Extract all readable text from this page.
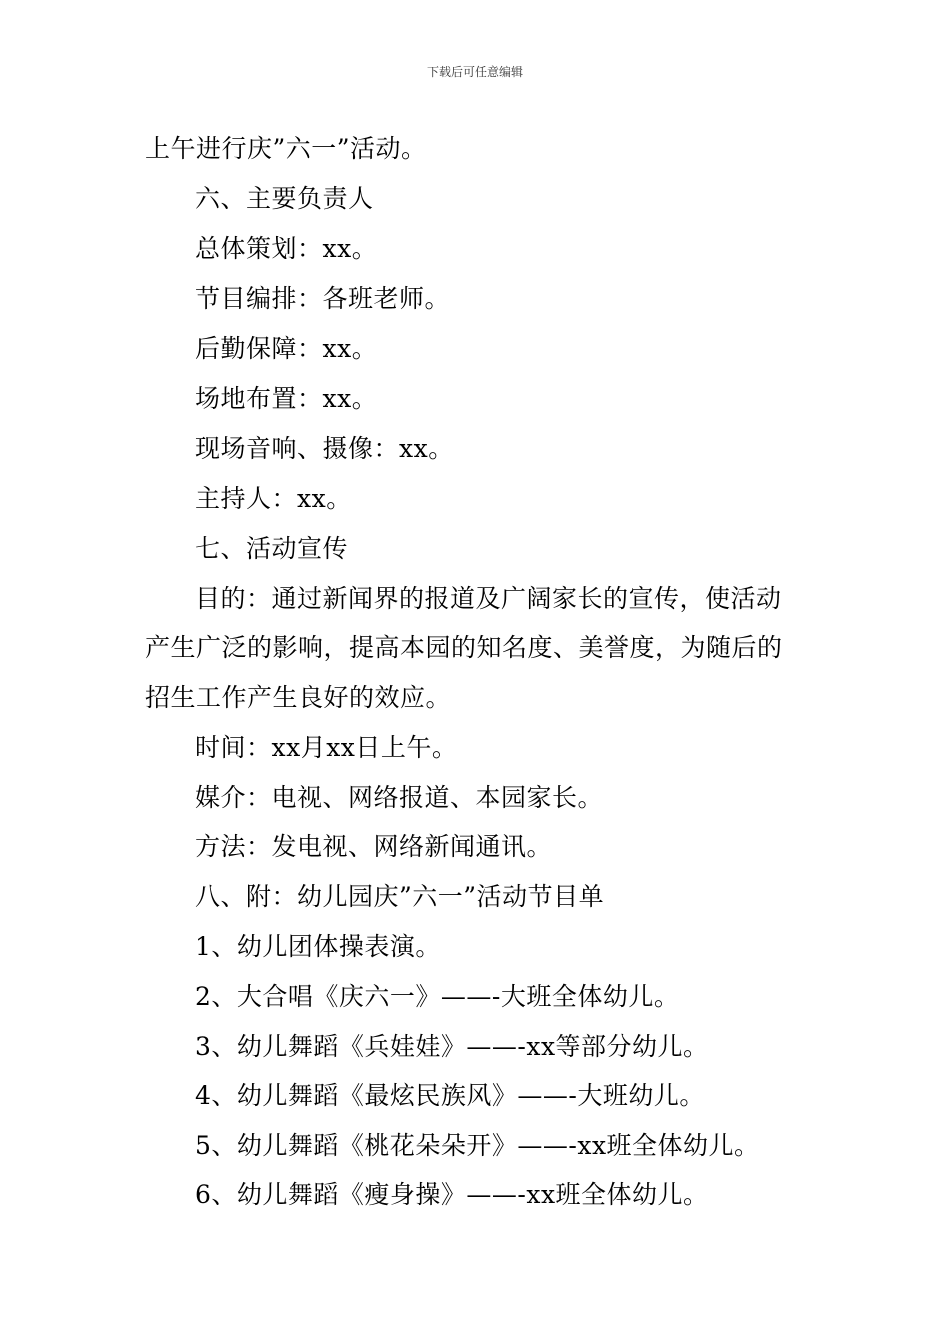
下载后可任意编辑
上午进行庆”六一”活动。
六、主要负责人
总体策划：xx。
节目编排：各班老师。
后勤保障：xx。
场地布置：xx。
现场音响、摄像：xx。
主持人：xx。
七、活动宣传
目的：通过新闻界的报道及广阔家长的宣传，使活动
产生广泛的影响，提高本园的知名度、美誉度，为随后的
招生工作产生良好的效应。
时间：xx月xx日上午。
媒介：电视、网络报道、本园家长。
方法：发电视、网络新闻通讯。
八、附：幼儿园庆”六一”活动节目单
1、幼儿团体操表演。
2、大合唱《庆六一》——-大班全体幼儿。
3、幼儿舞蹈《兵娃娃》——-xx等部分幼儿。
4、幼儿舞蹈《最炫民族风》——-大班幼儿。
5、幼儿舞蹈《桃花朵朵开》——-xx班全体幼儿。
6、幼儿舞蹈《瘦身操》——-xx班全体幼儿。
